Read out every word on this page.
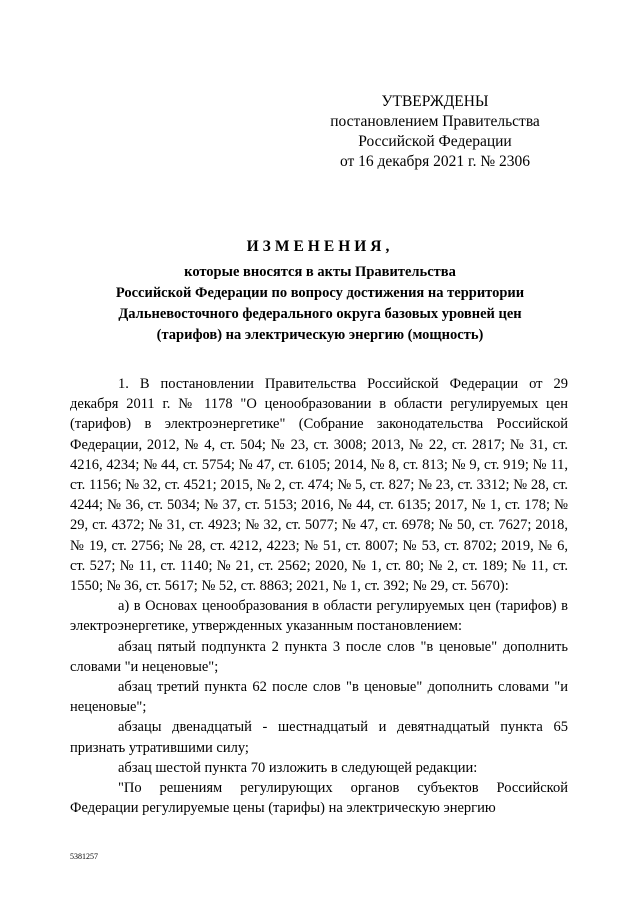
УТВЕРЖДЕНЫ
постановлением Правительства
Российской Федерации
от 16 декабря 2021 г. № 2306
ИЗМЕНЕНИЯ,
которые вносятся в акты Правительства
Российской Федерации по вопросу достижения на территории
Дальневосточного федерального округа базовых уровней цен
(тарифов) на электрическую энергию (мощность)

1. В постановлении Правительства Российской Федерации от 29 декабря 2011 г. № 1178 "О ценообразовании в области регулируемых цен (тарифов) в электроэнергетике" (Собрание законодательства Российской Федерации, 2012, № 4, ст. 504; № 23, ст. 3008; 2013, № 22, ст. 2817; № 31, ст. 4216, 4234; № 44, ст. 5754; № 47, ст. 6105; 2014, № 8, ст. 813; № 9, ст. 919; № 11, ст. 1156; № 32, ст. 4521; 2015, № 2, ст. 474; № 5, ст. 827; № 23, ст. 3312; № 28, ст. 4244; № 36, ст. 5034; № 37, ст. 5153; 2016, № 44, ст. 6135; 2017, № 1, ст. 178; № 29, ст. 4372; № 31, ст. 4923; № 32, ст. 5077; № 47, ст. 6978; № 50, ст. 7627; 2018, № 19, ст. 2756; № 28, ст. 4212, 4223; № 51, ст. 8007; № 53, ст. 8702; 2019, № 6, ст. 527; № 11, ст. 1140; № 21, ст. 2562; 2020, № 1, ст. 80; № 2, ст. 189; № 11, ст. 1550; № 36, ст. 5617; № 52, ст. 8863; 2021, № 1, ст. 392; № 29, ст. 5670):

а) в Основах ценообразования в области регулируемых цен (тарифов) в электроэнергетике, утвержденных указанным постановлением:

абзац пятый подпункта 2 пункта 3 после слов "в ценовые" дополнить словами "и неценовые";

абзац третий пункта 62 после слов "в ценовые" дополнить словами "и неценовые";

абзацы двенадцатый - шестнадцатый и девятнадцатый пункта 65 признать утратившими силу;

абзац шестой пункта 70 изложить в следующей редакции:

"По решениям регулирующих органов субъектов Российской Федерации регулируемые цены (тарифы) на электрическую энергию

5381257
